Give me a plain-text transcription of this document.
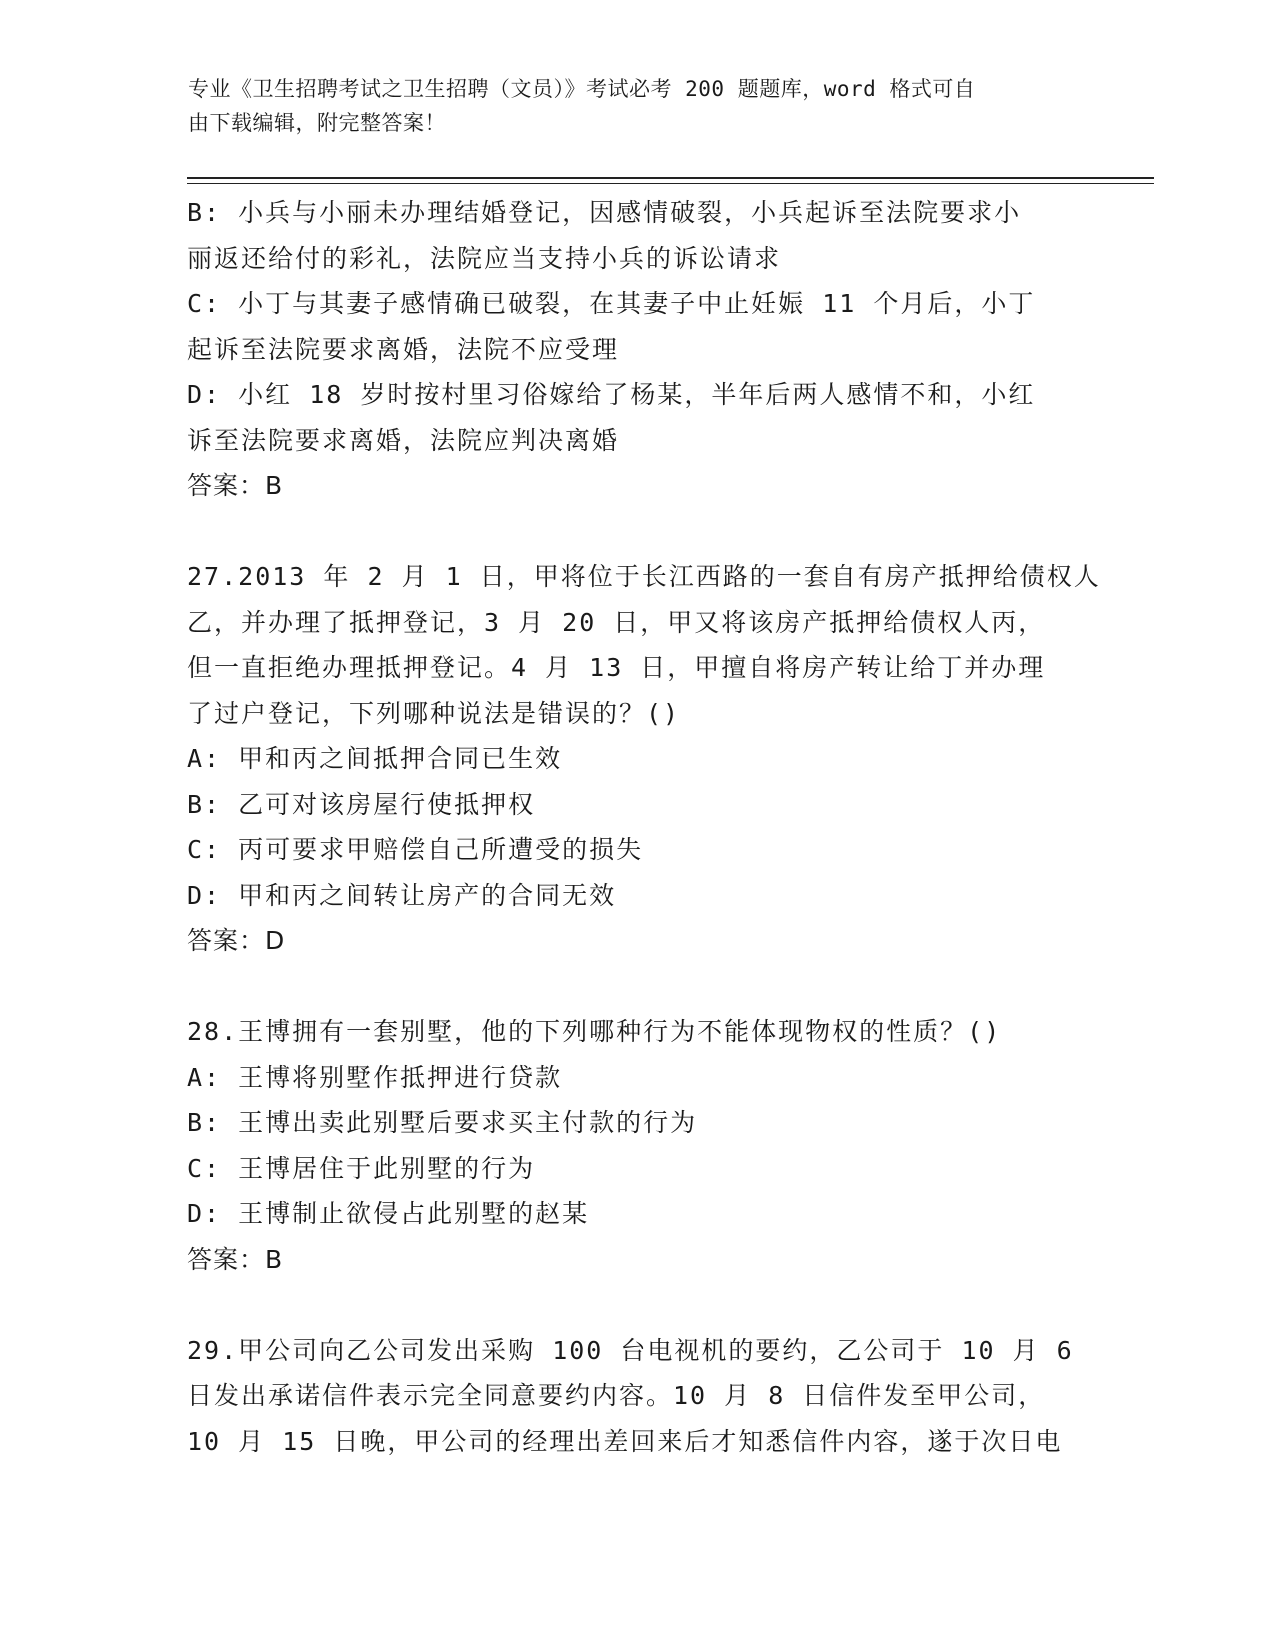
专业《卫生招聘考试之卫生招聘（文员）》考试必考 200 题题库，word 格式可自
由下载编辑，附完整答案！
B: 小兵与小丽未办理结婚登记，因感情破裂，小兵起诉至法院要求小
丽返还给付的彩礼，法院应当支持小兵的诉讼请求
C: 小丁与其妻子感情确已破裂，在其妻子中止妊娠 11 个月后，小丁
起诉至法院要求离婚，法院不应受理
D: 小红 18 岁时按村里习俗嫁给了杨某，半年后两人感情不和，小红
诉至法院要求离婚，法院应判决离婚
答案：B
27.2013 年 2 月 1 日，甲将位于长江西路的一套自有房产抵押给债权人
乙，并办理了抵押登记，3 月 20 日，甲又将该房产抵押给债权人丙，
但一直拒绝办理抵押登记。4 月 13 日，甲擅自将房产转让给丁并办理
了过户登记，下列哪种说法是错误的？()
A: 甲和丙之间抵押合同已生效
B: 乙可对该房屋行使抵押权
C: 丙可要求甲赔偿自己所遭受的损失
D: 甲和丙之间转让房产的合同无效
答案：D
28.王博拥有一套别墅，他的下列哪种行为不能体现物权的性质？()
A: 王博将别墅作抵押进行贷款
B: 王博出卖此别墅后要求买主付款的行为
C: 王博居住于此别墅的行为
D: 王博制止欲侵占此别墅的赵某
答案：B
29.甲公司向乙公司发出采购 100 台电视机的要约，乙公司于 10 月 6
日发出承诺信件表示完全同意要约内容。10 月 8 日信件发至甲公司，
10 月 15 日晚，甲公司的经理出差回来后才知悉信件内容，遂于次日电
